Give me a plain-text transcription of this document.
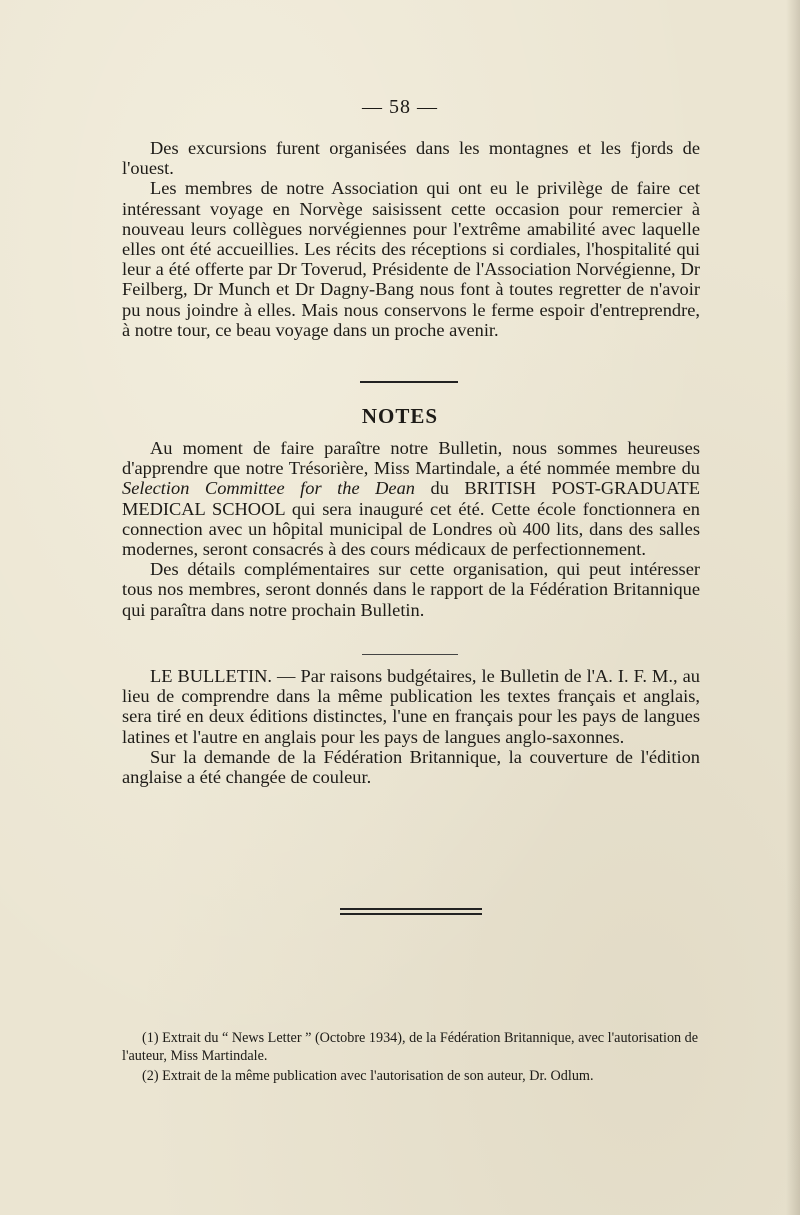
— 58 —

Des excursions furent organisées dans les montagnes et les fjords de l'ouest.

Les membres de notre Association qui ont eu le privilège de faire cet intéressant voyage en Norvège saisissent cette occasion pour remercier à nouveau leurs collègues norvégiennes pour l'extrême amabilité avec laquelle elles ont été accueillies. Les récits des réceptions si cordiales, l'hospitalité qui leur a été offerte par Dr Toverud, Présidente de l'Association Norvégienne, Dr Feilberg, Dr Munch et Dr Dagny-Bang nous font à toutes regretter de n'avoir pu nous joindre à elles. Mais nous conservons le ferme espoir d'entreprendre, à notre tour, ce beau voyage dans un proche avenir.

NOTES

Au moment de faire paraître notre Bulletin, nous sommes heureuses d'apprendre que notre Trésorière, Miss Martindale, a été nommée membre du Selection Committee for the Dean du BRITISH POST-GRADUATE MEDICAL SCHOOL qui sera inauguré cet été. Cette école fonctionnera en connection avec un hôpital municipal de Londres où 400 lits, dans des salles modernes, seront consacrés à des cours médicaux de perfectionnement.

Des détails complémentaires sur cette organisation, qui peut intéresser tous nos membres, seront donnés dans le rapport de la Fédération Britannique qui paraîtra dans notre prochain Bulletin.

LE BULLETIN. — Par raisons budgétaires, le Bulletin de l'A. I. F. M., au lieu de comprendre dans la même publication les textes français et anglais, sera tiré en deux éditions distinctes, l'une en français pour les pays de langues latines et l'autre en anglais pour les pays de langues anglo-saxonnes.

Sur la demande de la Fédération Britannique, la couverture de l'édition anglaise a été changée de couleur.

(1) Extrait du “ News Letter ” (Octobre 1934), de la Fédération Britannique, avec l'autorisation de l'auteur, Miss Martindale.

(2) Extrait de la même publication avec l'autorisation de son auteur, Dr. Odlum.
